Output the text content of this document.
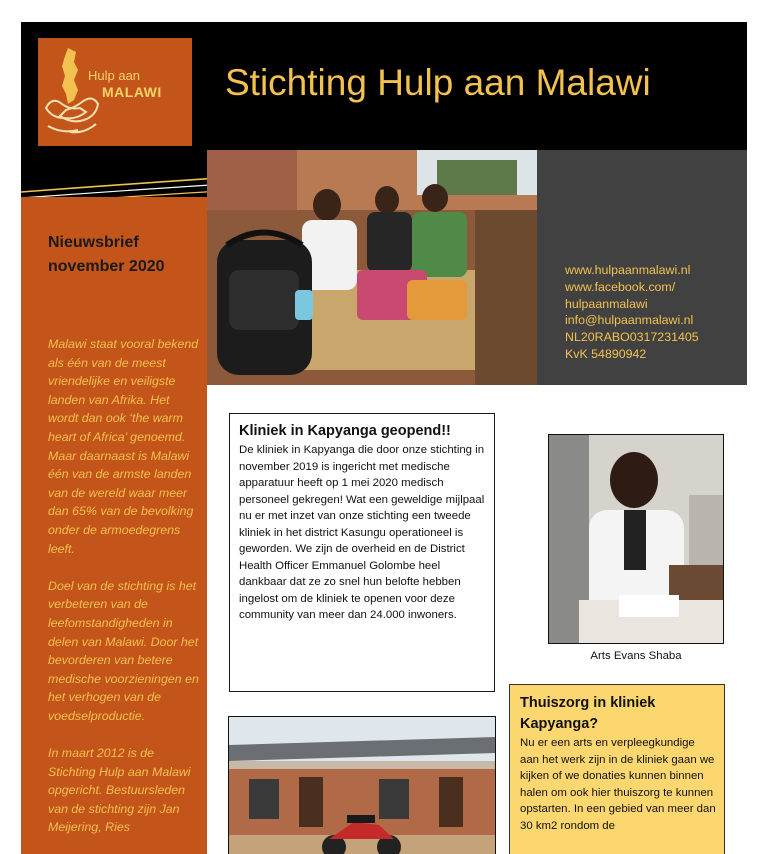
Hulp aan
MALAWI Stichting Hulp aan Malawi
Nieuwsbrief november 2020

Malawi staat vooral bekend als één van de meest vriendelijke en veiligste landen van Afrika. Het wordt dan ook ‘the warm heart of Africa’ genoemd. Maar daarnaast is Malawi één van de armste landen van de wereld waar meer dan 65% van de bevolking onder de armoedegrens leeft.

Doel van de stichting is het verbeteren van de leefomstandigheden in delen van Malawi. Door het bevorderen van betere medische voorzieningen en het verhogen van de voedselproductie.

In maart 2012 is de Stichting Hulp aan Malawi opgericht. Bestuursleden van de stichting zijn Jan Meijering, Ries

www.hulpaanmalawi.nl
www.facebook.com/
hulpaanmalawi
info@hulpaanmalawi.nl
NL20RABO0317231405
KvK 54890942
Kliniek in Kapyanga geopend!!

De kliniek in Kapyanga die door onze stichting in november 2019 is ingericht met medische apparatuur heeft op 1 mei 2020 medisch personeel gekregen! Wat een geweldige mijlpaal nu er met inzet van onze stichting een tweede kliniek in het district Kasungu operationeel is geworden. We zijn de overheid en de District Health Officer Emmanuel Golombe heel dankbaar dat ze zo snel hun belofte hebben ingelost om de kliniek te openen voor deze community van meer dan 24.000 inwoners.

Arts Evans Shaba
Thuiszorg in kliniek Kapyanga?

Nu er een arts en verpleegkundige aan het werk zijn in de kliniek gaan we kijken of we donaties kunnen binnen halen om ook hier thuiszorg te kunnen opstarten. In een gebied van meer dan 30 km2 rondom de
